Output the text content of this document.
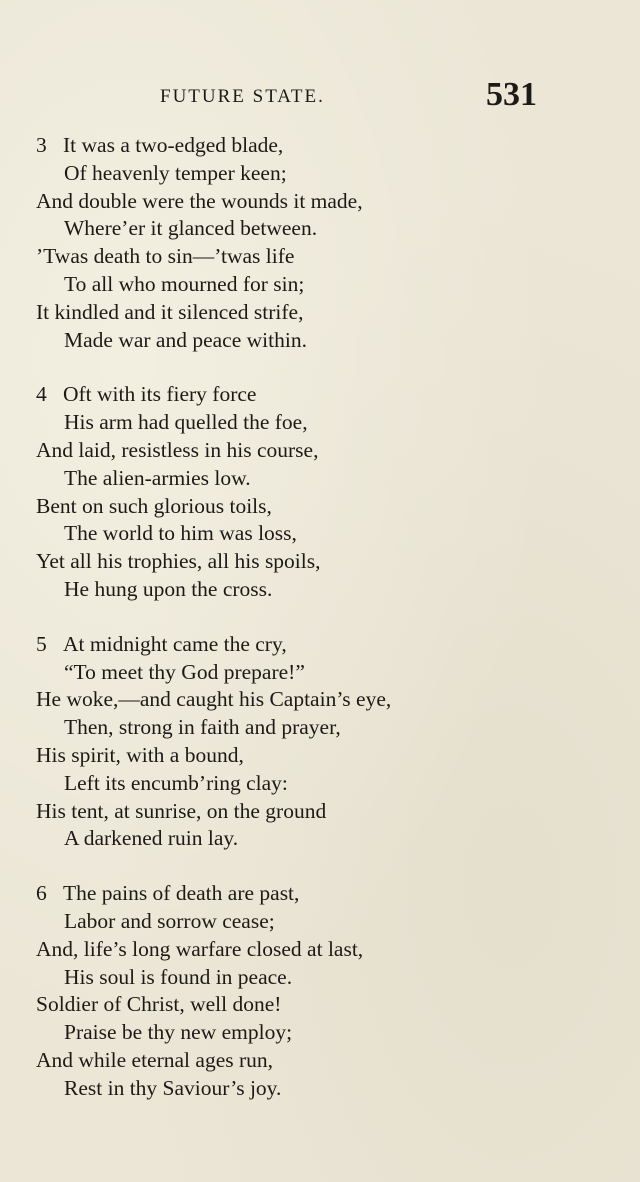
FUTURE STATE.	531
3 It was a two-edged blade,
Of heavenly temper keen;
And double were the wounds it made,
Where’er it glanced between.
’Twas death to sin—’twas life
To all who mourned for sin;
It kindled and it silenced strife,
Made war and peace within.
4 Oft with its fiery force
His arm had quelled the foe,
And laid, resistless in his course,
The alien-armies low.
Bent on such glorious toils,
The world to him was loss,
Yet all his trophies, all his spoils,
He hung upon the cross.
5 At midnight came the cry,
“To meet thy God prepare!”
He woke,—and caught his Captain’s eye,
Then, strong in faith and prayer,
His spirit, with a bound,
Left its encumb’ring clay:
His tent, at sunrise, on the ground
A darkened ruin lay.
6 The pains of death are past,
Labor and sorrow cease;
And, life’s long warfare closed at last,
His soul is found in peace.
Soldier of Christ, well done!
Praise be thy new employ;
And while eternal ages run,
Rest in thy Saviour’s joy.
